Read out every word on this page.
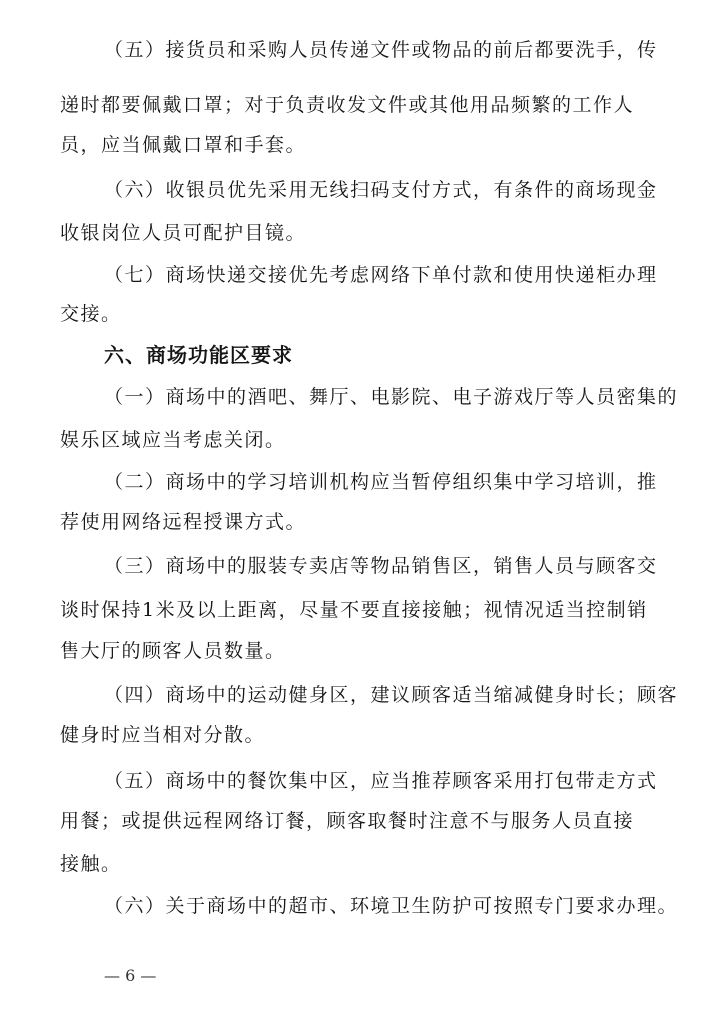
（五）接货员和采购人员传递文件或物品的前后都要洗手，传
递时都要佩戴口罩；对于负责收发文件或其他用品频繁的工作人
员，应当佩戴口罩和手套。
（六）收银员优先采用无线扫码支付方式，有条件的商场现金
收银岗位人员可配护目镜。
（七）商场快递交接优先考虑网络下单付款和使用快递柜办理
交接。
六、商场功能区要求
（一）商场中的酒吧、舞厅、电影院、电子游戏厅等人员密集的
娱乐区域应当考虑关闭。
（二）商场中的学习培训机构应当暂停组织集中学习培训，推
荐使用网络远程授课方式。
（三）商场中的服装专卖店等物品销售区，销售人员与顾客交
谈时保持1米及以上距离，尽量不要直接接触；视情况适当控制销
售大厅的顾客人员数量。
（四）商场中的运动健身区，建议顾客适当缩减健身时长；顾客
健身时应当相对分散。
（五）商场中的餐饮集中区，应当推荐顾客采用打包带走方式
用餐；或提供远程网络订餐，顾客取餐时注意不与服务人员直接
接触。
（六）关于商场中的超市、环境卫生防护可按照专门要求办理。
— 6 —
